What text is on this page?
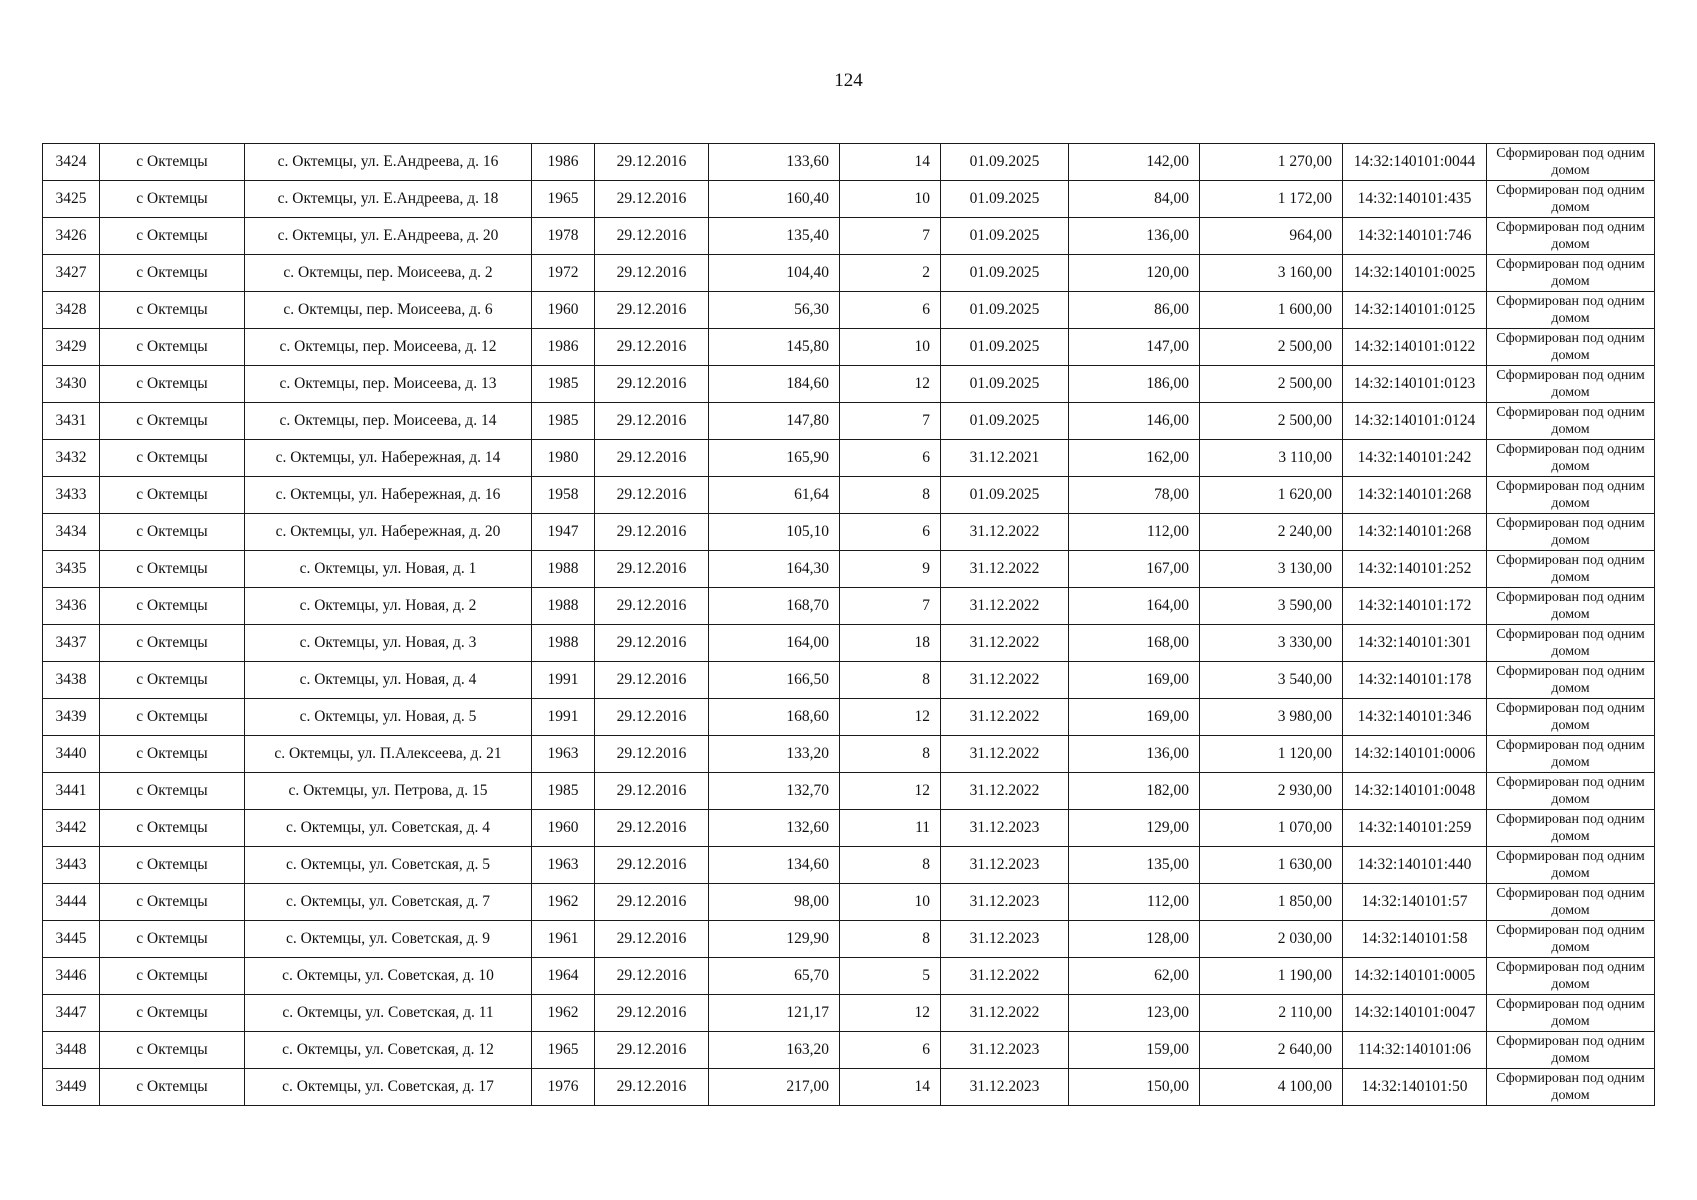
124
3424	с Октемцы	с. Октемцы, ул. Е.Андреева, д. 16	1986	29.12.2016	133,60	14	01.09.2025	142,00	1 270,00	14:32:140101:0044	Сформирован под одним домом
3425	с Октемцы	с. Октемцы, ул. Е.Андреева, д. 18	1965	29.12.2016	160,40	10	01.09.2025	84,00	1 172,00	14:32:140101:435	Сформирован под одним домом
3426	с Октемцы	с. Октемцы, ул. Е.Андреева, д. 20	1978	29.12.2016	135,40	7	01.09.2025	136,00	964,00	14:32:140101:746	Сформирован под одним домом
3427	с Октемцы	с. Октемцы, пер. Моисеева, д. 2	1972	29.12.2016	104,40	2	01.09.2025	120,00	3 160,00	14:32:140101:0025	Сформирован под одним домом
3428	с Октемцы	с. Октемцы, пер. Моисеева, д. 6	1960	29.12.2016	56,30	6	01.09.2025	86,00	1 600,00	14:32:140101:0125	Сформирован под одним домом
3429	с Октемцы	с. Октемцы, пер. Моисеева, д. 12	1986	29.12.2016	145,80	10	01.09.2025	147,00	2 500,00	14:32:140101:0122	Сформирован под одним домом
3430	с Октемцы	с. Октемцы, пер. Моисеева, д. 13	1985	29.12.2016	184,60	12	01.09.2025	186,00	2 500,00	14:32:140101:0123	Сформирован под одним домом
3431	с Октемцы	с. Октемцы, пер. Моисеева, д. 14	1985	29.12.2016	147,80	7	01.09.2025	146,00	2 500,00	14:32:140101:0124	Сформирован под одним домом
3432	с Октемцы	с. Октемцы, ул. Набережная, д. 14	1980	29.12.2016	165,90	6	31.12.2021	162,00	3 110,00	14:32:140101:242	Сформирован под одним домом
3433	с Октемцы	с. Октемцы, ул. Набережная, д. 16	1958	29.12.2016	61,64	8	01.09.2025	78,00	1 620,00	14:32:140101:268	Сформирован под одним домом
3434	с Октемцы	с. Октемцы, ул. Набережная, д. 20	1947	29.12.2016	105,10	6	31.12.2022	112,00	2 240,00	14:32:140101:268	Сформирован под одним домом
3435	с Октемцы	с. Октемцы, ул. Новая, д. 1	1988	29.12.2016	164,30	9	31.12.2022	167,00	3 130,00	14:32:140101:252	Сформирован под одним домом
3436	с Октемцы	с. Октемцы, ул. Новая, д. 2	1988	29.12.2016	168,70	7	31.12.2022	164,00	3 590,00	14:32:140101:172	Сформирован под одним домом
3437	с Октемцы	с. Октемцы, ул. Новая, д. 3	1988	29.12.2016	164,00	18	31.12.2022	168,00	3 330,00	14:32:140101:301	Сформирован под одним домом
3438	с Октемцы	с. Октемцы, ул. Новая, д. 4	1991	29.12.2016	166,50	8	31.12.2022	169,00	3 540,00	14:32:140101:178	Сформирован под одним домом
3439	с Октемцы	с. Октемцы, ул. Новая, д. 5	1991	29.12.2016	168,60	12	31.12.2022	169,00	3 980,00	14:32:140101:346	Сформирован под одним домом
3440	с Октемцы	с. Октемцы, ул. П.Алексеева, д. 21	1963	29.12.2016	133,20	8	31.12.2022	136,00	1 120,00	14:32:140101:0006	Сформирован под одним домом
3441	с Октемцы	с. Октемцы, ул. Петрова, д. 15	1985	29.12.2016	132,70	12	31.12.2022	182,00	2 930,00	14:32:140101:0048	Сформирован под одним домом
3442	с Октемцы	с. Октемцы, ул. Советская, д. 4	1960	29.12.2016	132,60	11	31.12.2023	129,00	1 070,00	14:32:140101:259	Сформирован под одним домом
3443	с Октемцы	с. Октемцы, ул. Советская, д. 5	1963	29.12.2016	134,60	8	31.12.2023	135,00	1 630,00	14:32:140101:440	Сформирован под одним домом
3444	с Октемцы	с. Октемцы, ул. Советская, д. 7	1962	29.12.2016	98,00	10	31.12.2023	112,00	1 850,00	14:32:140101:57	Сформирован под одним домом
3445	с Октемцы	с. Октемцы, ул. Советская, д. 9	1961	29.12.2016	129,90	8	31.12.2023	128,00	2 030,00	14:32:140101:58	Сформирован под одним домом
3446	с Октемцы	с. Октемцы, ул. Советская, д. 10	1964	29.12.2016	65,70	5	31.12.2022	62,00	1 190,00	14:32:140101:0005	Сформирован под одним домом
3447	с Октемцы	с. Октемцы, ул. Советская, д. 11	1962	29.12.2016	121,17	12	31.12.2022	123,00	2 110,00	14:32:140101:0047	Сформирован под одним домом
3448	с Октемцы	с. Октемцы, ул. Советская, д. 12	1965	29.12.2016	163,20	6	31.12.2023	159,00	2 640,00	114:32:140101:06	Сформирован под одним домом
3449	с Октемцы	с. Октемцы, ул. Советская, д. 17	1976	29.12.2016	217,00	14	31.12.2023	150,00	4 100,00	14:32:140101:50	Сформирован под одним домом
